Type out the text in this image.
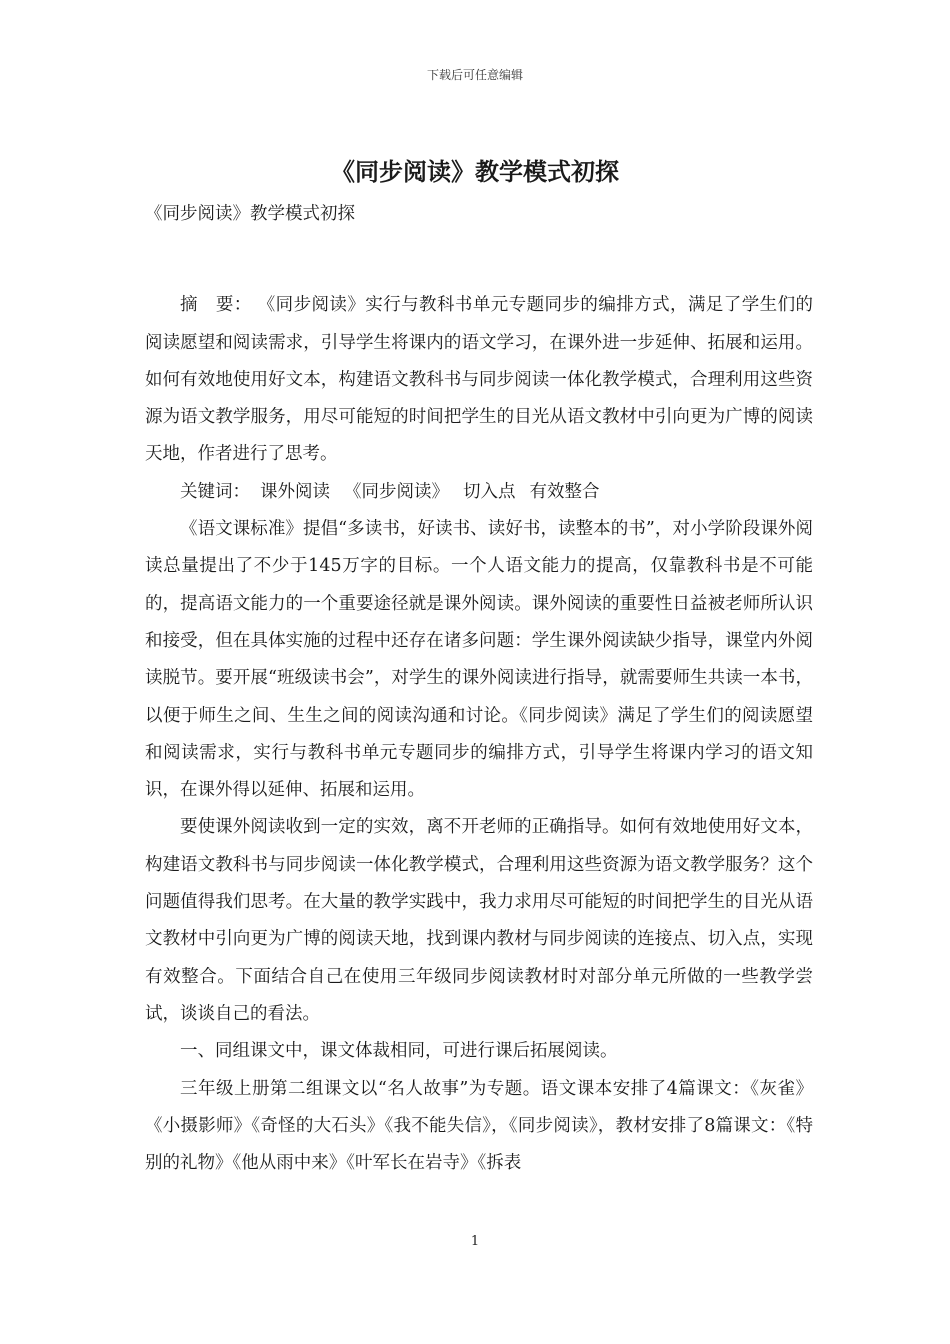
下载后可任意编辑
《同步阅读》教学模式初探

《同步阅读》教学模式初探

摘　要： 《同步阅读》实行与教科书单元专题同步的编排方式，满足了学生们的阅读愿望和阅读需求，引导学生将课内的语文学习，在课外进一步延伸、拓展和运用。如何有效地使用好文本，构建语文教科书与同步阅读一体化教学模式，合理利用这些资源为语文教学服务，用尽可能短的时间把学生的目光从语文教材中引向更为广博的阅读天地，作者进行了思考。

关键词： 课外阅读 《同步阅读》 切入点 有效整合

《语文课标准》提倡“多读书，好读书、读好书，读整本的书”，对小学阶段课外阅读总量提出了不少于145万字的目标。一个人语文能力的提高，仅靠教科书是不可能的，提高语文能力的一个重要途径就是课外阅读。课外阅读的重要性日益被老师所认识和接受，但在具体实施的过程中还存在诸多问题：学生课外阅读缺少指导，课堂内外阅读脱节。要开展“班级读书会”，对学生的课外阅读进行指导，就需要师生共读一本书，以便于师生之间、生生之间的阅读沟通和讨论。《同步阅读》满足了学生们的阅读愿望和阅读需求，实行与教科书单元专题同步的编排方式，引导学生将课内学习的语文知识，在课外得以延伸、拓展和运用。

要使课外阅读收到一定的实效，离不开老师的正确指导。如何有效地使用好文本，构建语文教科书与同步阅读一体化教学模式，合理利用这些资源为语文教学服务？这个问题值得我们思考。在大量的教学实践中，我力求用尽可能短的时间把学生的目光从语文教材中引向更为广博的阅读天地，找到课内教材与同步阅读的连接点、切入点，实现有效整合。下面结合自己在使用三年级同步阅读教材时对部分单元所做的一些教学尝试，谈谈自己的看法。

一、同组课文中，课文体裁相同，可进行课后拓展阅读。

三年级上册第二组课文以“名人故事”为专题。语文课本安排了4篇课文：《灰雀》《小摄影师》《奇怪的大石头》《我不能失信》，《同步阅读》，教材安排了8篇课文：《特别的礼物》《他从雨中来》《叶军长在岩寺》《拆表

1
